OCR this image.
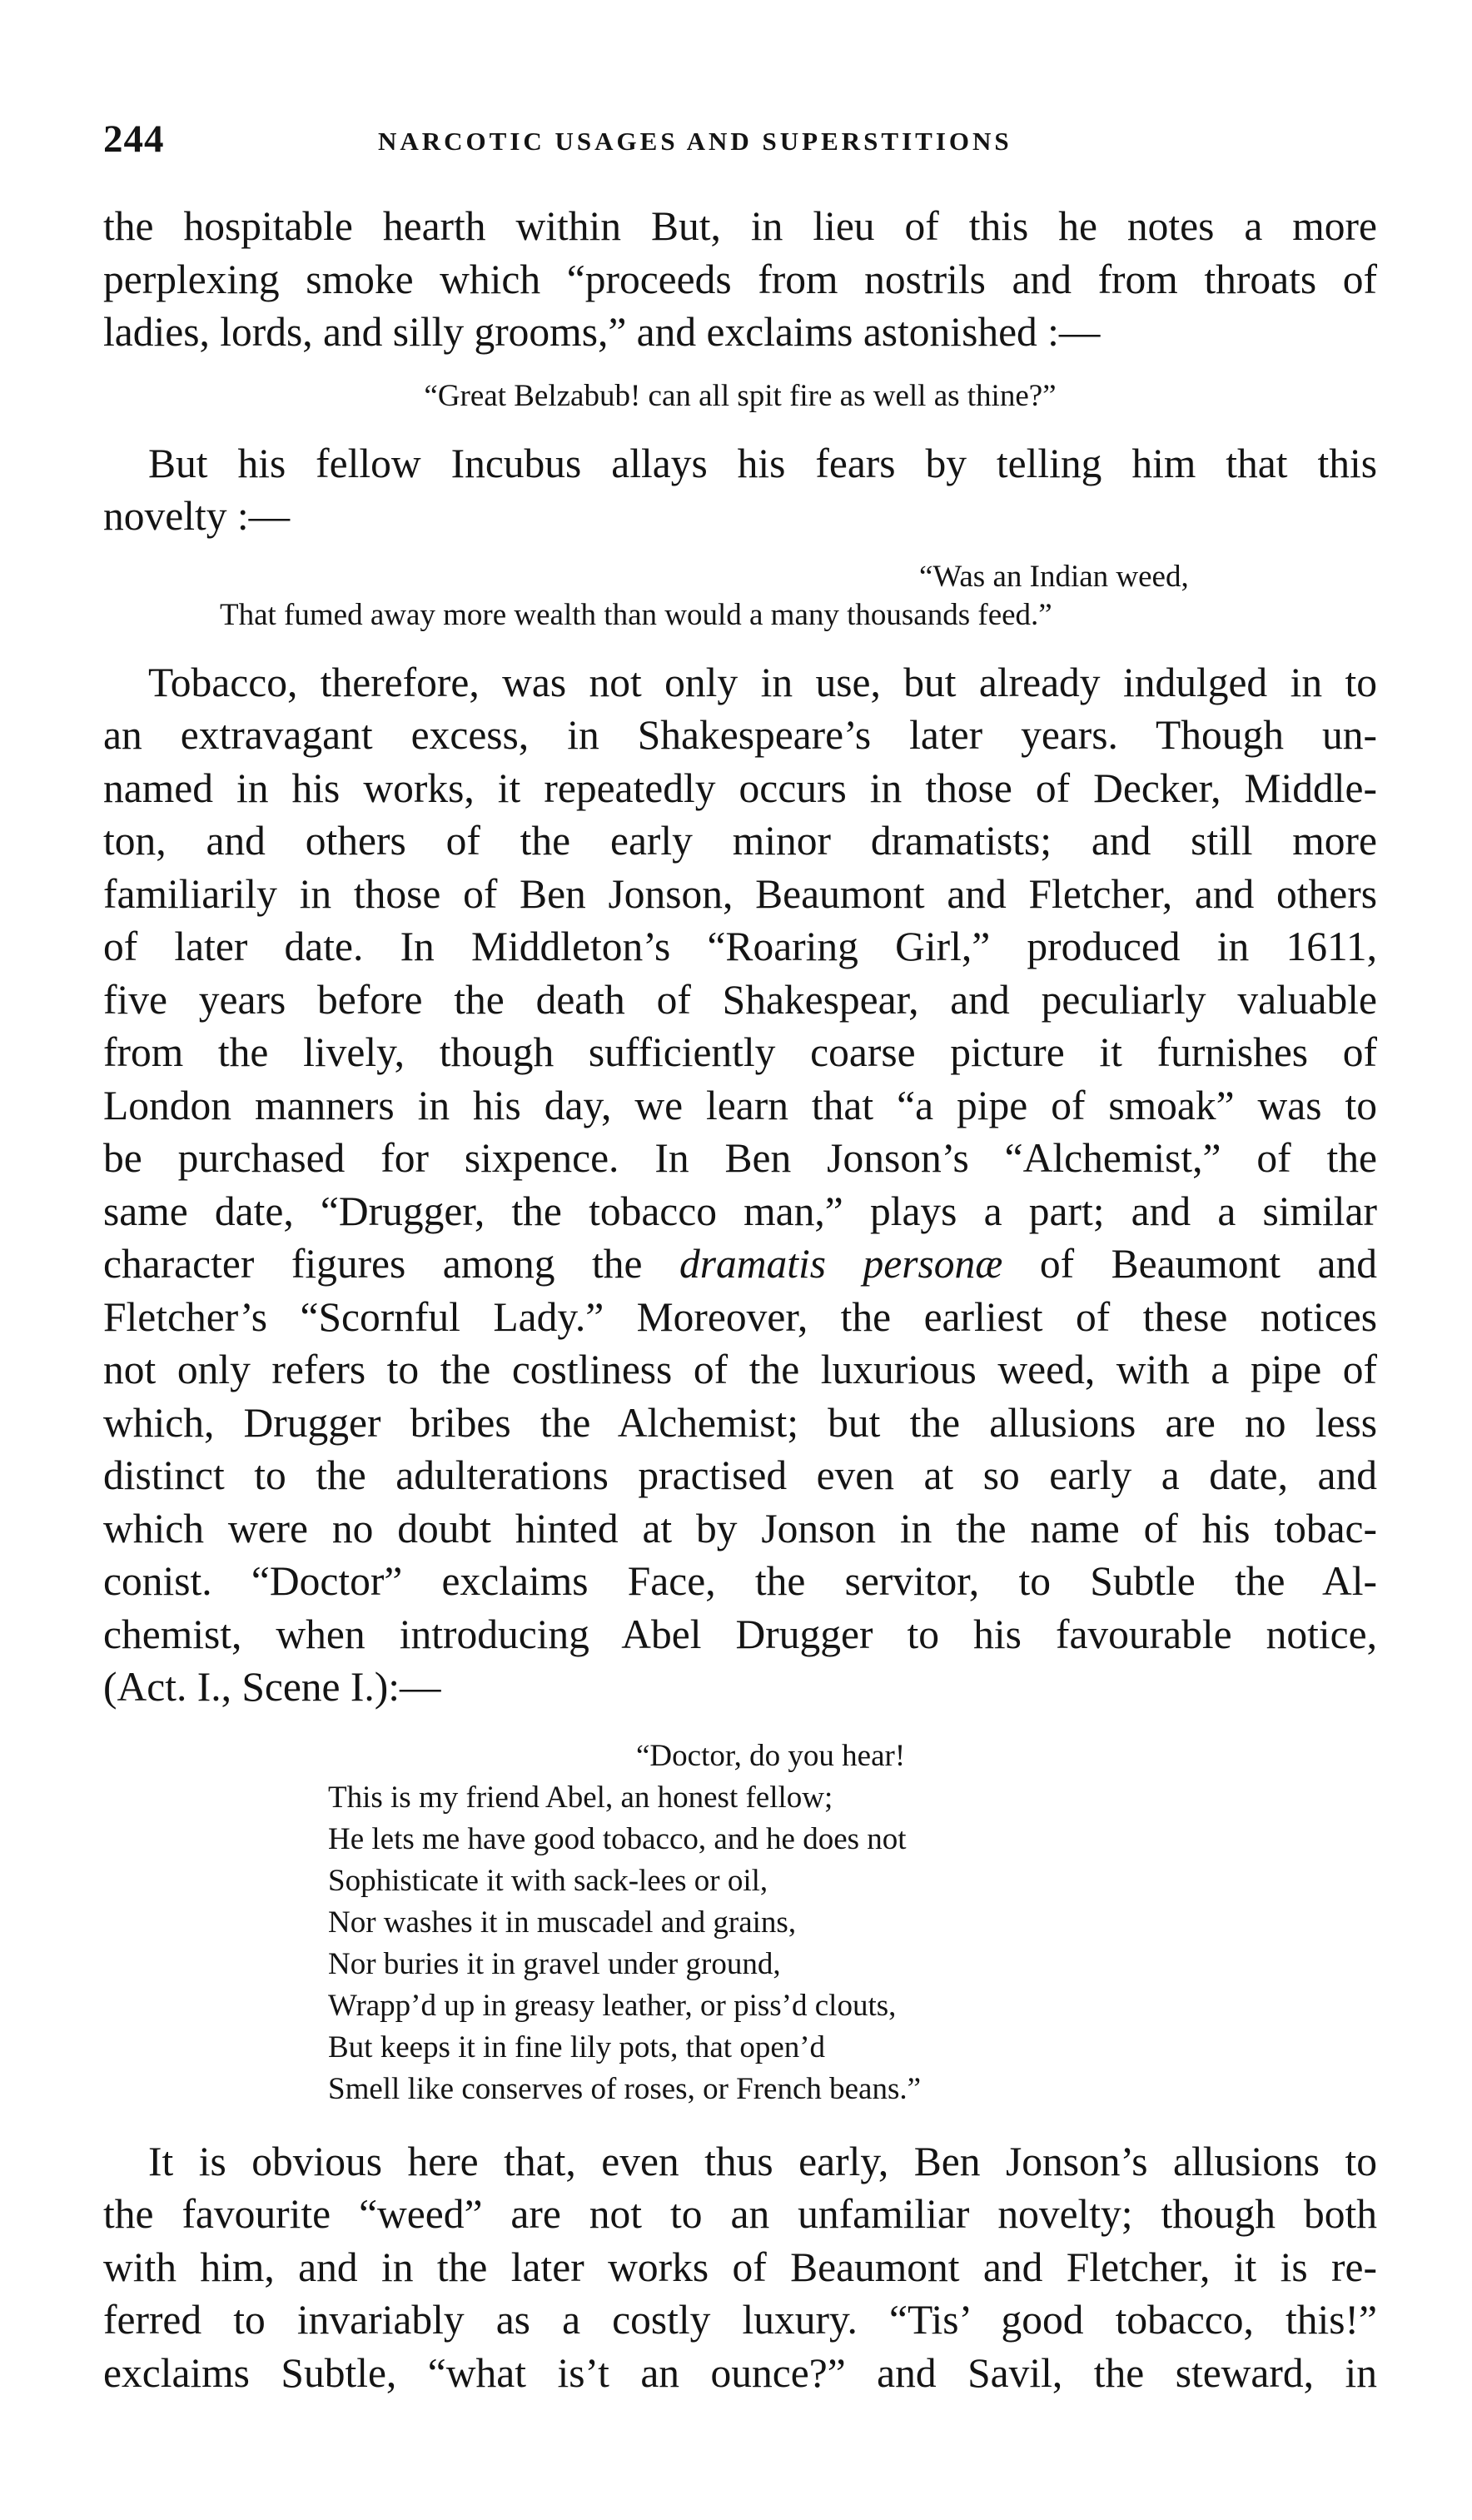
244	NARCOTIC USAGES AND SUPERSTITIONS

the hospitable hearth within But, in lieu of this he notes a more

perplexing smoke which “proceeds from nostrils and from throats of

ladies, lords, and silly grooms,” and exclaims astonished :—

“Great Belzabub! can all spit fire as well as thine?”

But his fellow Incubus allays his fears by telling him that this

novelty :—

“Was an Indian weed,

That fumed away more wealth than would a many thousands feed.”

Tobacco, therefore, was not only in use, but already indulged in to

an extravagant excess, in Shakespeare’s later years. Though un-

named in his works, it repeatedly occurs in those of Decker, Middle-

ton, and others of the early minor dramatists; and still more

familiarily in those of Ben Jonson, Beaumont and Fletcher, and others

of later date. In Middleton’s “Roaring Girl,” produced in 1611,

five years before the death of Shakespear, and peculiarly valuable

from the lively, though sufficiently coarse picture it furnishes of

London manners in his day, we learn that “a pipe of smoak” was to

be purchased for sixpence. In Ben Jonson’s “Alchemist,” of the

same date, “Drugger, the tobacco man,” plays a part; and a similar

character figures among the dramatis personæ of Beaumont and

Fletcher’s “Scornful Lady.” Moreover, the earliest of these notices

not only refers to the costliness of the luxurious weed, with a pipe of

which, Drugger bribes the Alchemist; but the allusions are no less

distinct to the adulterations practised even at so early a date, and

which were no doubt hinted at by Jonson in the name of his tobac-

conist. “Doctor” exclaims Face, the servitor, to Subtle the Al-

chemist, when introducing Abel Drugger to his favourable notice,

(Act. I., Scene I.):—

“Doctor, do you hear!
This is my friend Abel, an honest fellow;
He lets me have good tobacco, and he does not
Sophisticate it with sack-lees or oil,
Nor washes it in muscadel and grains,
Nor buries it in gravel under ground,
Wrapp’d up in greasy leather, or piss’d clouts,
But keeps it in fine lily pots, that open’d
Smell like conserves of roses, or French beans.”

It is obvious here that, even thus early, Ben Jonson’s allusions to

the favourite “weed” are not to an unfamiliar novelty; though both

with him, and in the later works of Beaumont and Fletcher, it is re-

ferred to invariably as a costly luxury. “Tis’ good tobacco, this!”

exclaims Subtle, “what is’t an ounce?” and Savil, the steward, in
